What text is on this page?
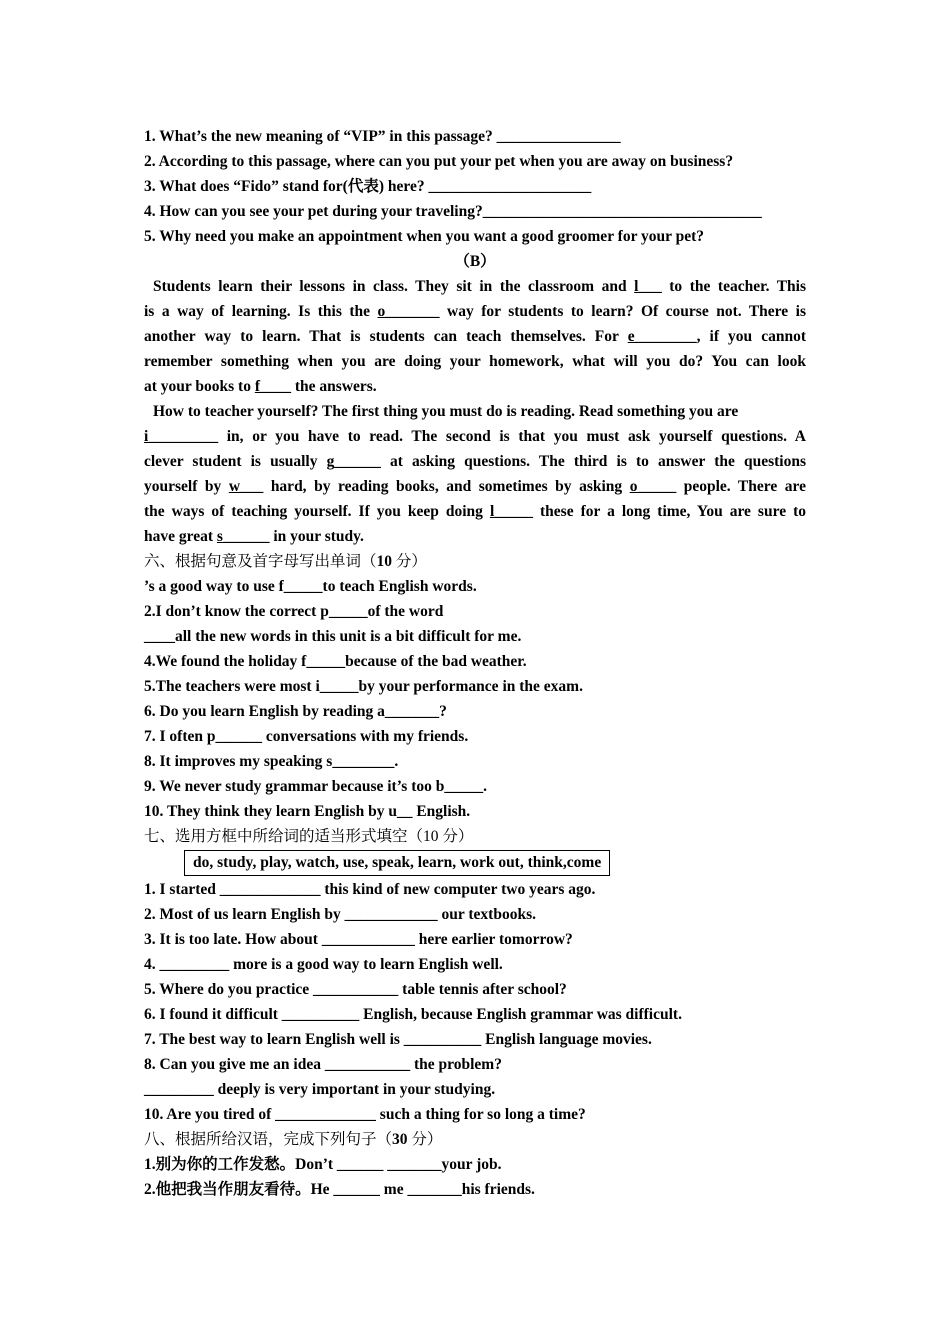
1. What’s the new meaning of “VIP” in this passage? ________________
2. According to this passage, where can you put your pet when you are away on business?
3. What does “Fido” stand for(代表) here? _____________________
4. How can you see your pet during your traveling?____________________________________
5. Why need you make an appointment when you want a good groomer for your pet?
（B）
Students learn their lessons in class. They sit in the classroom and l___ to the teacher. This
is a way of learning. Is this the o_______ way for students to learn? Of course not. There is
another way to learn. That is students can teach themselves. For e________, if you cannot
remember something when you are doing your homework, what will you do? You can look
at your books to f____ the answers.
How to teacher yourself? The first thing you must do is reading. Read something you are
i_________ in, or you have to read. The second is that you must ask yourself questions. A
clever student is usually g______ at asking questions. The third is to answer the questions
yourself by w___ hard, by reading books, and sometimes by asking o_____ people. There are
the ways of teaching yourself. If you keep doing l_____ these for a long time, You are sure to
have great s______ in your study.
六、根据句意及首字母写出单词（10 分）
’s a good way to use f_____to teach English words.
2.I don’t know the correct p_____of the word
____all the new words in this unit is a bit difficult for me.
4.We found the holiday f_____because of the bad weather.
5.The teachers were most i_____by your performance in the exam.
6. Do you learn English by reading a_______?
7. I often p______ conversations with my friends.
8. It improves my speaking s________.
9. We never study grammar because it’s too b_____.
10. They think they learn English by u__ English.
七、选用方框中所给词的适当形式填空（10 分）
do, study, play, watch, use, speak, learn, work out, think,come
1. I started _____________ this kind of new computer two years ago.
2. Most of us learn English by ____________ our textbooks.
3. It is too late. How about ____________ here earlier tomorrow?
4. _________ more is a good way to learn English well.
5. Where do you practice ___________ table tennis after school?
6. I found it difficult __________ English, because English grammar was difficult.
7. The best way to learn English well is __________ English language movies.
8. Can you give me an idea ___________ the problem?
_________ deeply is very important in your studying.
10. Are you tired of _____________ such a thing for so long a time?
八、根据所给汉语，完成下列句子（30 分）
1.别为你的工作发愁。Don’t ______ _______your job.
2.他把我当作朋友看待。He ______ me _______his friends.
